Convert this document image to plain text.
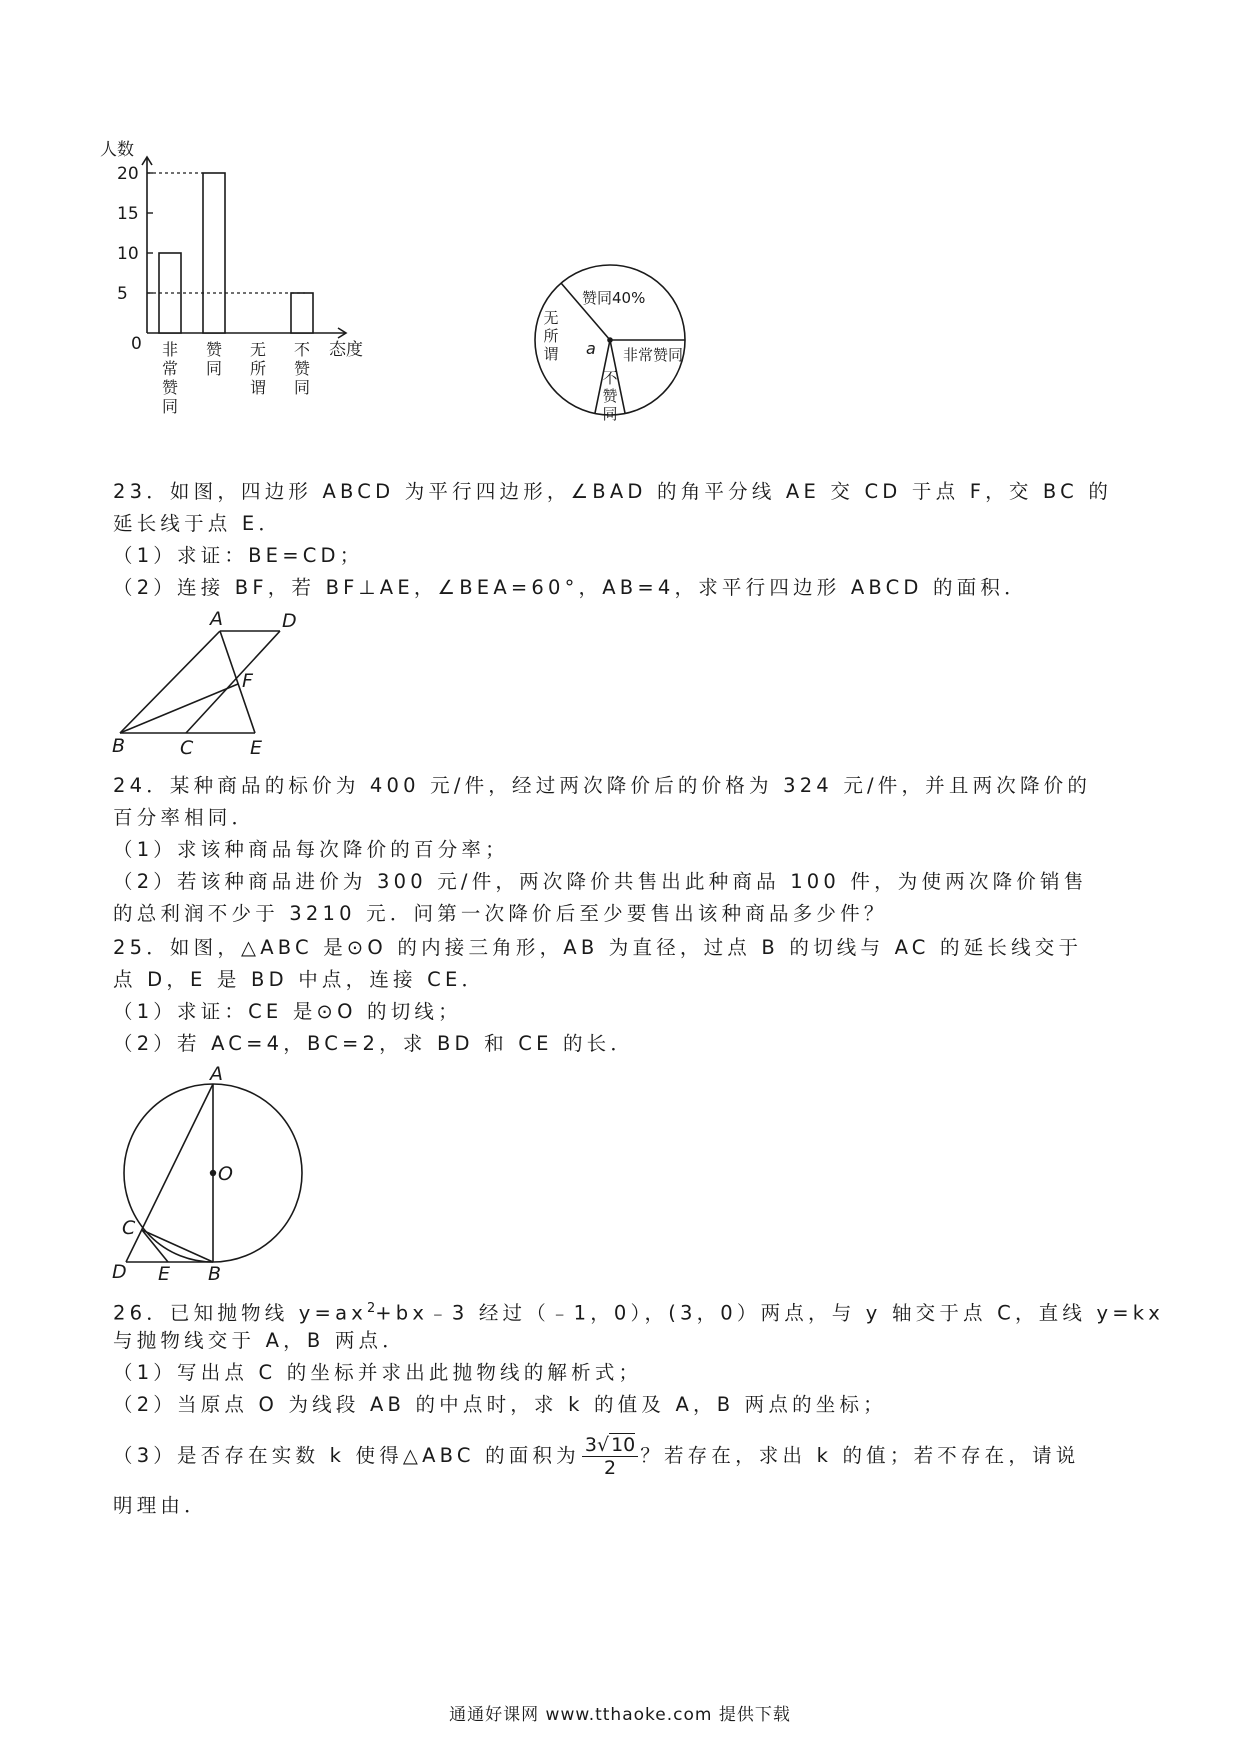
人数
态度
0
5
10
15
20
非常赞同
赞同
无所谓
不赞同
赞同40%
非常赞同
不赞同
无所谓 a
23．如图，四边形 ABCD 为平行四边形，∠BAD 的角平分线 AE 交 CD 于点 F，交 BC 的
延长线于点 E．
（1）求证：BE=CD；
（2）连接 BF，若 BF⊥AE，∠BEA=60°，AB=4，求平行四边形 ABCD 的面积．
A	D
F
B	C	E
24．某种商品的标价为 400 元/件，经过两次降价后的价格为 324 元/件，并且两次降价的
百分率相同．
（1）求该种商品每次降价的百分率；
（2）若该种商品进价为 300 元/件，两次降价共售出此种商品 100 件，为使两次降价销售
的总利润不少于 3210 元．问第一次降价后至少要售出该种商品多少件？
25．如图，△ABC 是⊙O 的内接三角形，AB 为直径，过点 B 的切线与 AC 的延长线交于
点 D，E 是 BD 中点，连接 CE．
（1）求证：CE 是⊙O 的切线；
（2）若 AC=4，BC=2，求 BD 和 CE 的长．
A
O
C
D E B
26．已知抛物线 $y=ax^2+bx﹣3$ 经过（﹣1，0），(3，0）两点，与 y 轴交于点 C，直线 y=kx
与抛物线交于 A，B 两点．
（1）写出点 C 的坐标并求出此抛物线的解析式；
（2）当原点 O 为线段 AB 的中点时，求 k 的值及 A，B 两点的坐标；
（3）是否存在实数 k 使得△ABC 的面积为 $\frac{3√ 10}{2}$ ？若存在，求出 k 的值；若不存在，请说
明理由．
通通好课网 www.tthaoke.com 提供下载
